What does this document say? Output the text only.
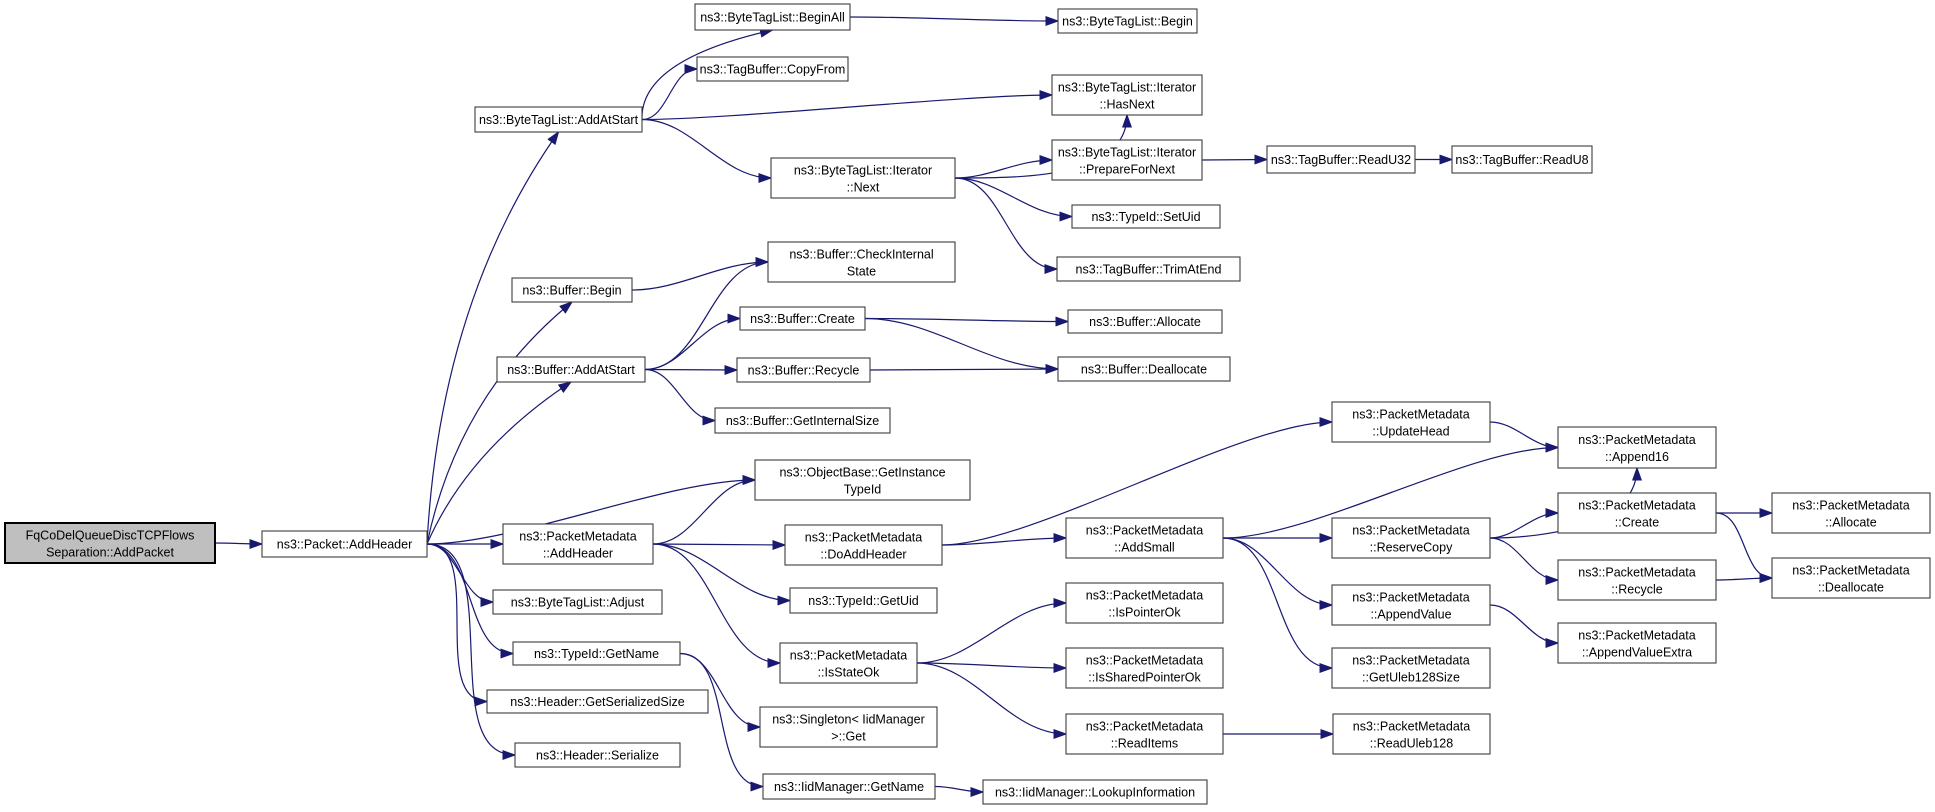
FqCoDelQueueDiscTCPFlows Separation::AddPacket
ns3::Packet::AddHeader
ns3::ByteTagList::AddAtStart
ns3::ByteTagList::BeginAll
ns3::TagBuffer::CopyFrom
ns3::ByteTagList::Begin
ns3::ByteTagList::Iterator ::HasNext
ns3::ByteTagList::Iterator ::PrepareForNext
ns3::TagBuffer::ReadU32	ns3::TagBuffer::ReadU8
ns3::ByteTagList::Iterator ::Next
ns3::TypeId::SetUid
ns3::TagBuffer::TrimAtEnd
ns3::Buffer::CheckInternal State
ns3::Buffer::Begin
ns3::Buffer::Create
ns3::Buffer::AddAtStart	ns3::Buffer::Recycle
ns3::Buffer::GetInternalSize
ns3::Buffer::Allocate
ns3::Buffer::Deallocate
ns3::ObjectBase::GetInstance TypeId
ns3::PacketMetadata ::AddHeader
ns3::ByteTagList::Adjust
ns3::PacketMetadata ::DoAddHeader
ns3::TypeId::GetUid
ns3::TypeId::GetName
ns3::Header::GetSerializedSize
ns3::Header::Serialize
ns3::Singleton< IidManager >::Get
ns3::IidManager::GetName	ns3::IidManager::LookupInformation
ns3::PacketMetadata ::IsStateOk
ns3::PacketMetadata ::AddSmall
ns3::PacketMetadata ::IsPointerOk
ns3::PacketMetadata ::IsSharedPointerOk
ns3::PacketMetadata ::ReadItems
ns3::PacketMetadata ::ReadUleb128
ns3::PacketMetadata ::UpdateHead
ns3::PacketMetadata ::Append16
ns3::PacketMetadata ::Create
ns3::PacketMetadata ::ReserveCopy
ns3::PacketMetadata ::Recycle
ns3::PacketMetadata ::AppendValue
ns3::PacketMetadata ::AppendValueExtra
ns3::PacketMetadata ::GetUleb128Size
ns3::PacketMetadata ::Allocate
ns3::PacketMetadata ::Deallocate
